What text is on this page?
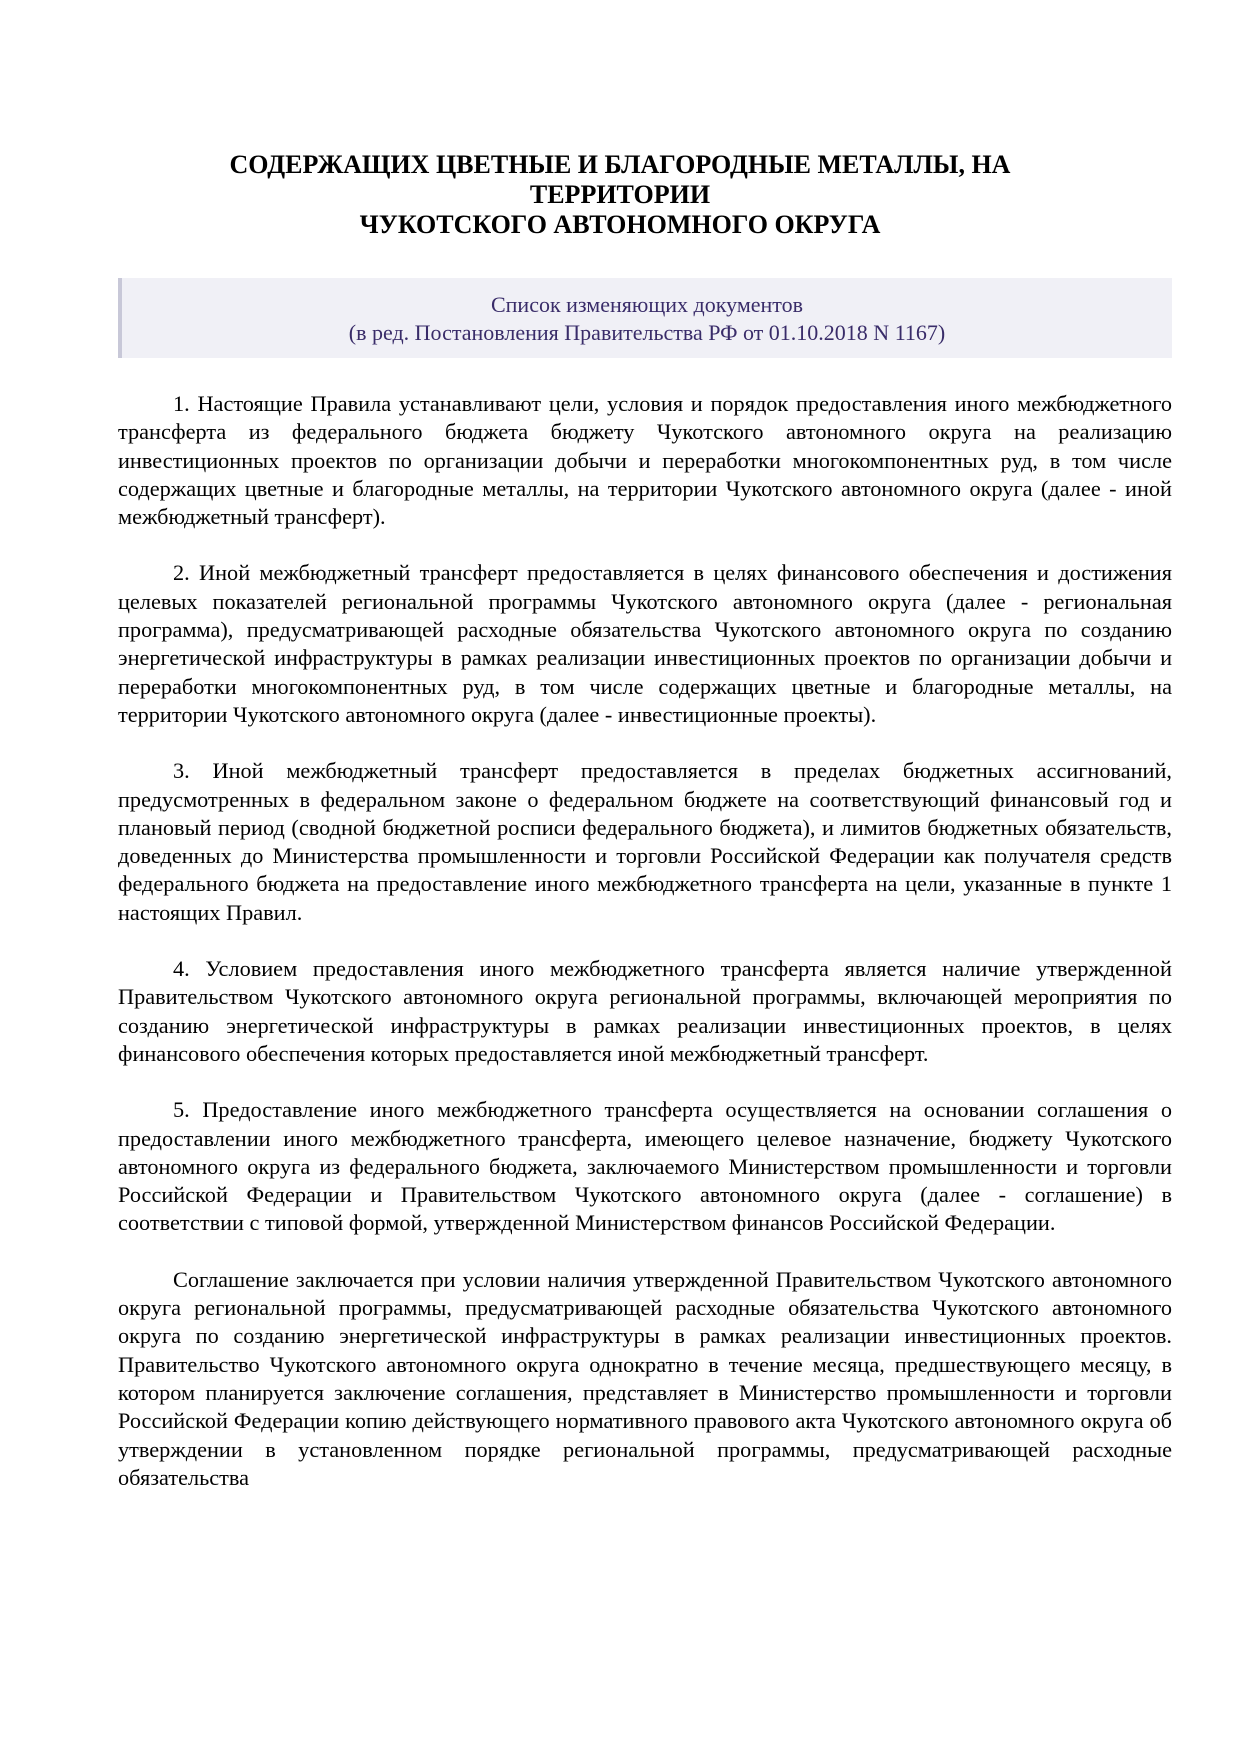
СОДЕРЖАЩИХ ЦВЕТНЫЕ И БЛАГОРОДНЫЕ МЕТАЛЛЫ, НА
ТЕРРИТОРИИ
ЧУКОТСКОГО АВТОНОМНОГО ОКРУГА
Список изменяющих документов
(в ред. Постановления Правительства РФ от 01.10.2018 N 1167)

1. Настоящие Правила устанавливают цели, условия и порядок предоставления иного межбюджетного трансферта из федерального бюджета бюджету Чукотского автономного округа на реализацию инвестиционных проектов по организации добычи и переработки многокомпонентных руд, в том числе содержащих цветные и благородные металлы, на территории Чукотского автономного округа (далее - иной межбюджетный трансферт).

2. Иной межбюджетный трансферт предоставляется в целях финансового обеспечения и достижения целевых показателей региональной программы Чукотского автономного округа (далее - региональная программа), предусматривающей расходные обязательства Чукотского автономного округа по созданию энергетической инфраструктуры в рамках реализации инвестиционных проектов по организации добычи и переработки многокомпонентных руд, в том числе содержащих цветные и благородные металлы, на территории Чукотского автономного округа (далее - инвестиционные проекты).

3. Иной межбюджетный трансферт предоставляется в пределах бюджетных ассигнований, предусмотренных в федеральном законе о федеральном бюджете на соответствующий финансовый год и плановый период (сводной бюджетной росписи федерального бюджета), и лимитов бюджетных обязательств, доведенных до Министерства промышленности и торговли Российской Федерации как получателя средств федерального бюджета на предоставление иного межбюджетного трансферта на цели, указанные в пункте 1 настоящих Правил.

4. Условием предоставления иного межбюджетного трансферта является наличие утвержденной Правительством Чукотского автономного округа региональной программы, включающей мероприятия по созданию энергетической инфраструктуры в рамках реализации инвестиционных проектов, в целях финансового обеспечения которых предоставляется иной межбюджетный трансферт.

5. Предоставление иного межбюджетного трансферта осуществляется на основании соглашения о предоставлении иного межбюджетного трансферта, имеющего целевое назначение, бюджету Чукотского автономного округа из федерального бюджета, заключаемого Министерством промышленности и торговли Российской Федерации и Правительством Чукотского автономного округа (далее - соглашение) в соответствии с типовой формой, утвержденной Министерством финансов Российской Федерации.

Соглашение заключается при условии наличия утвержденной Правительством Чукотского автономного округа региональной программы, предусматривающей расходные обязательства Чукотского автономного округа по созданию энергетической инфраструктуры в рамках реализации инвестиционных проектов. Правительство Чукотского автономного округа однократно в течение месяца, предшествующего месяцу, в котором планируется заключение соглашения, представляет в Министерство промышленности и торговли Российской Федерации копию действующего нормативного правового акта Чукотского автономного округа об утверждении в установленном порядке региональной программы, предусматривающей расходные обязательства
